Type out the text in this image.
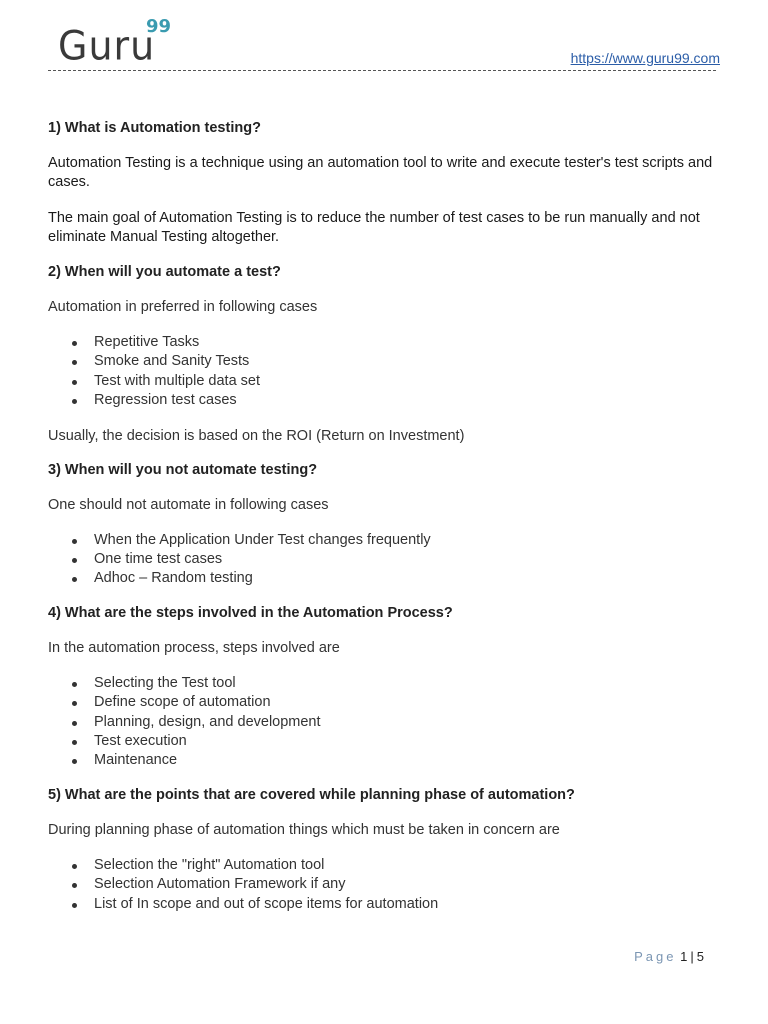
Guru
99
https://www.guru99.com
1) What is Automation testing?
Automation Testing is a technique using an automation tool to write and execute tester's test scripts and cases.
The main goal of Automation Testing is to reduce the number of test cases to be run manually and not eliminate Manual Testing altogether.
2) When will you automate a test?
Automation in preferred in following cases
Repetitive Tasks
Smoke and Sanity Tests
Test with multiple data set
Regression test cases
Usually, the decision is based on the ROI (Return on Investment)
3) When will you not automate testing?
One should not automate in following cases
When the Application Under Test changes frequently
One time test cases
Adhoc – Random testing
4) What are the steps involved in the Automation Process?
In the automation process, steps involved are
Selecting the Test tool
Define scope of automation
Planning, design, and development
Test execution
Maintenance
5) What are the points that are covered while planning phase of automation?
During planning phase of automation things which must be taken in concern are
Selection the "right" Automation tool
Selection Automation Framework if any
List of In scope and out of scope items for automation
Page 1 | 5
